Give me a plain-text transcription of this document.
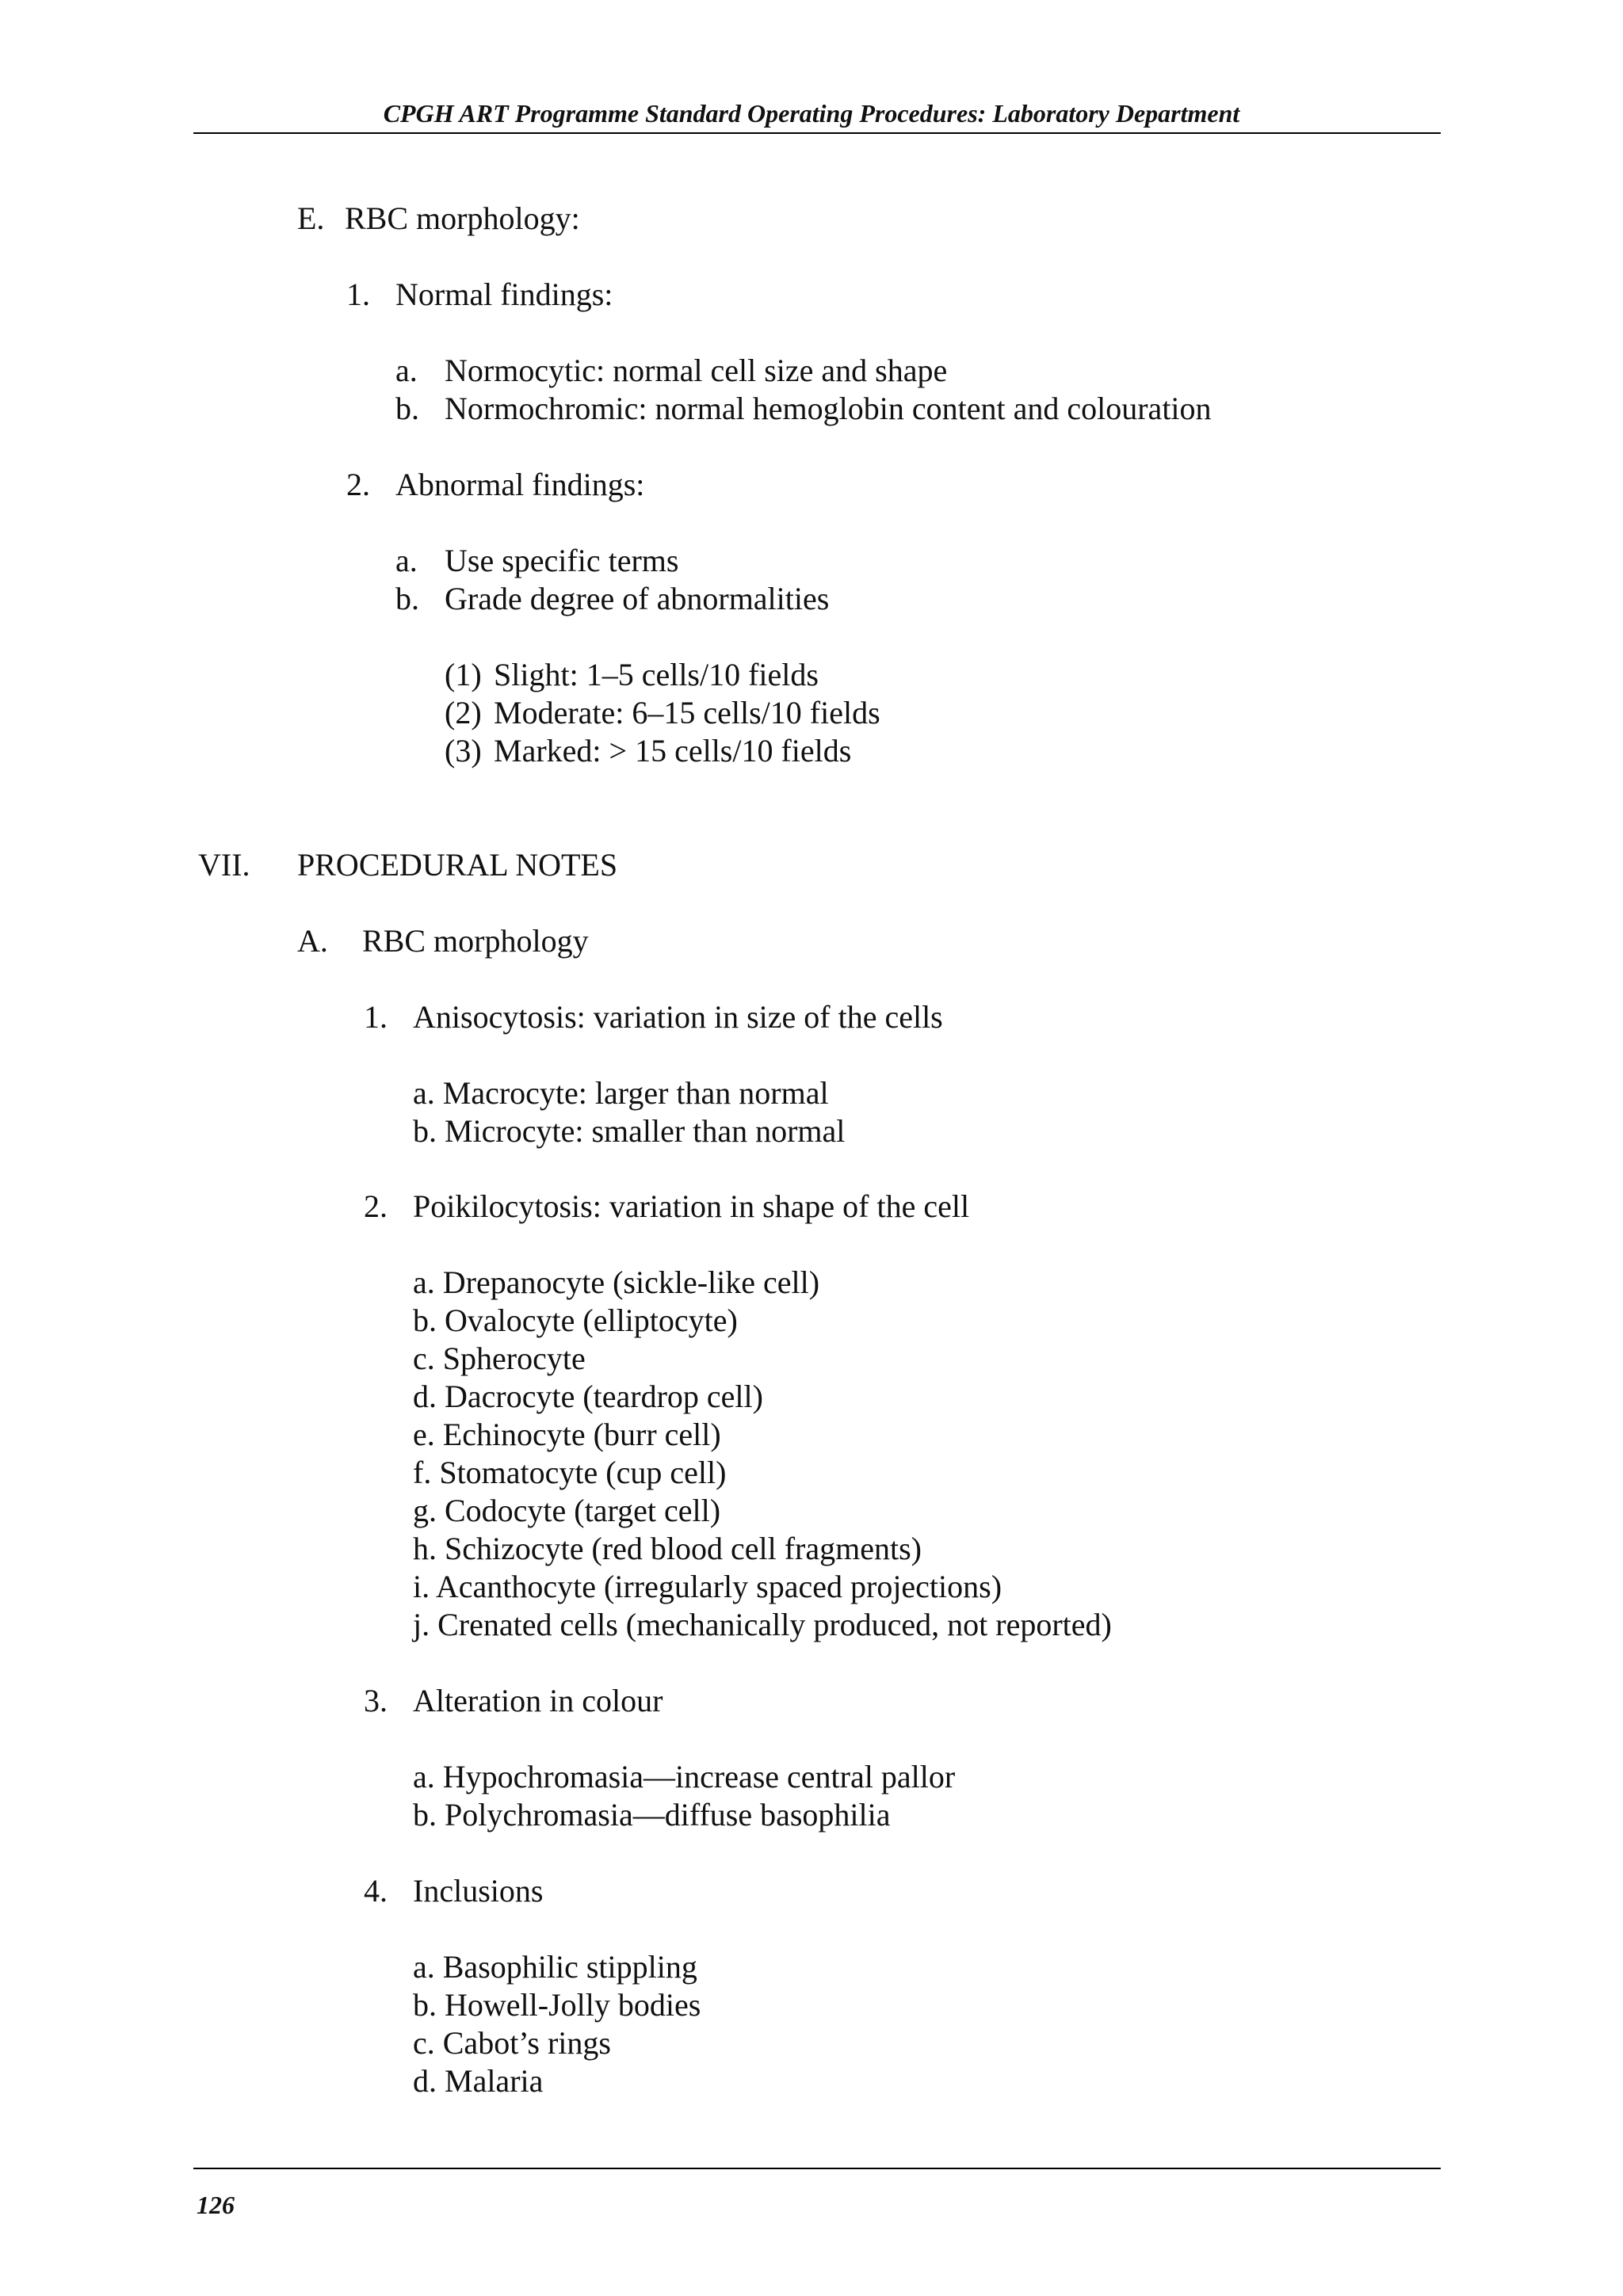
CPGH ART Programme Standard Operating Procedures: Laboratory Department
E. RBC morphology:
1. Normal findings:
a. Normocytic: normal cell size and shape
b. Normochromic: normal hemoglobin content and colouration
2. Abnormal findings:
a. Use specific terms
b. Grade degree of abnormalities
(1) Slight: 1–5 cells/10 fields
(2) Moderate: 6–15 cells/10 fields
(3) Marked: > 15 cells/10 fields
VII. PROCEDURAL NOTES
A. RBC morphology
1. Anisocytosis: variation in size of the cells
a. Macrocyte: larger than normal
b. Microcyte: smaller than normal
2. Poikilocytosis: variation in shape of the cell
a. Drepanocyte (sickle-like cell)
b. Ovalocyte (elliptocyte)
c. Spherocyte
d. Dacrocyte (teardrop cell)
e. Echinocyte (burr cell)
f. Stomatocyte (cup cell)
g. Codocyte (target cell)
h. Schizocyte (red blood cell fragments)
i. Acanthocyte (irregularly spaced projections)
j. Crenated cells (mechanically produced, not reported)
3. Alteration in colour
a. Hypochromasia—increase central pallor
b. Polychromasia—diffuse basophilia
4. Inclusions
a. Basophilic stippling
b. Howell-Jolly bodies
c. Cabot’s rings
d. Malaria
126
